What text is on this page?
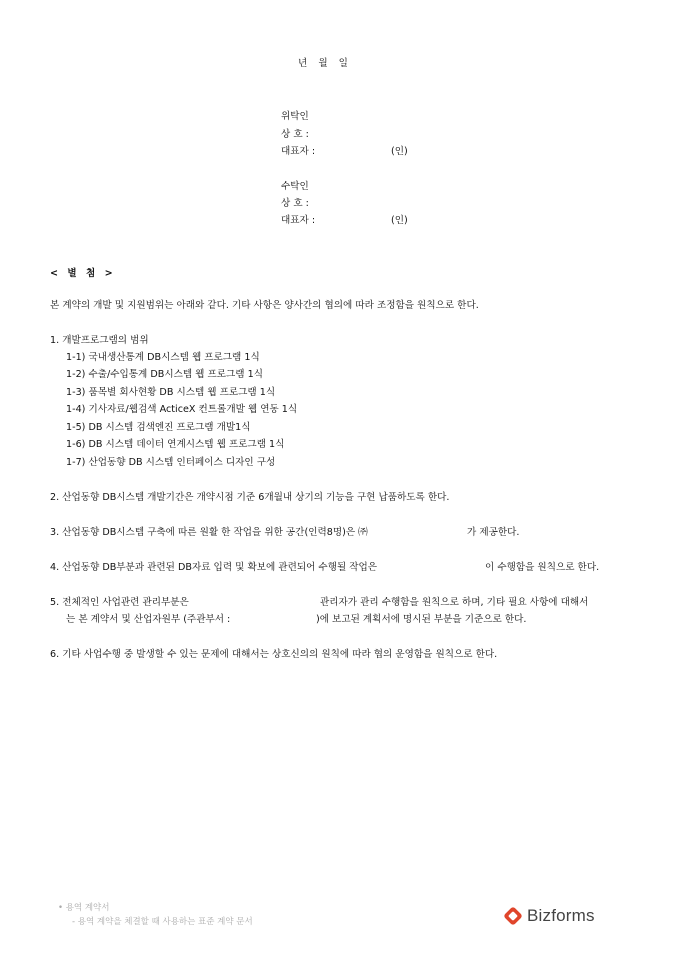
년 월 일
위탁인
상 호 :
대표자 :	(인)
수탁인
상 호 :
대표자 :	(인)
< 별 첨 >
본 계약의 개발 및 지원범위는 아래와 같다. 기타 사항은 양사간의 협의에 따라 조정함을 원칙으로 한다.
1. 개발프로그램의 범위
1-1) 국내생산통계 DB시스템 웹 프로그램 1식
1-2) 수출/수입통계 DB시스템 웹 프로그램 1식
1-3) 품목별 회사현황 DB 시스템 웹 프로그램 1식
1-4) 기사자료/웹검색 ActiceX 컨트롤개발 웹 연동 1식
1-5) DB 시스템 검색엔진 프로그램 개발1식
1-6) DB 시스템 데이터 연계시스템 웹 프로그램 1식
1-7) 산업동향 DB 시스템 인터페이스 디자인 구성
2. 산업동향 DB시스템 개발기간은 개약시점 기준 6개월내 상기의 기능을 구현 납품하도록 한다.
3. 산업동향 DB시스템 구축에 따른 원활 한 작업을 위한 공간(인력8명)은 ㈜	가 제공한다.
4. 산업동향 DB부분과 관련된 DB자료 입력 및 확보에 관련되어 수행될 작업은	이 수행함을 원칙으로 한다.
5. 전체적인 사업관련 관리부분은	관리자가 관리 수행함을 원칙으로 하며, 기타 필요 사항에 대해서
는 본 계약서 및 산업자원부 (주관부서 :	)에 보고된 계획서에 명시된 부분을 기준으로 한다.
6. 기타 사업수행 중 발생할 수 있는 문제에 대해서는 상호신의의 원칙에 따라 협의 운영함을 원칙으로 한다.
• 용역 계약서
- 용역 계약을 체결할 때 사용하는 표준 계약 문서	Bizforms
